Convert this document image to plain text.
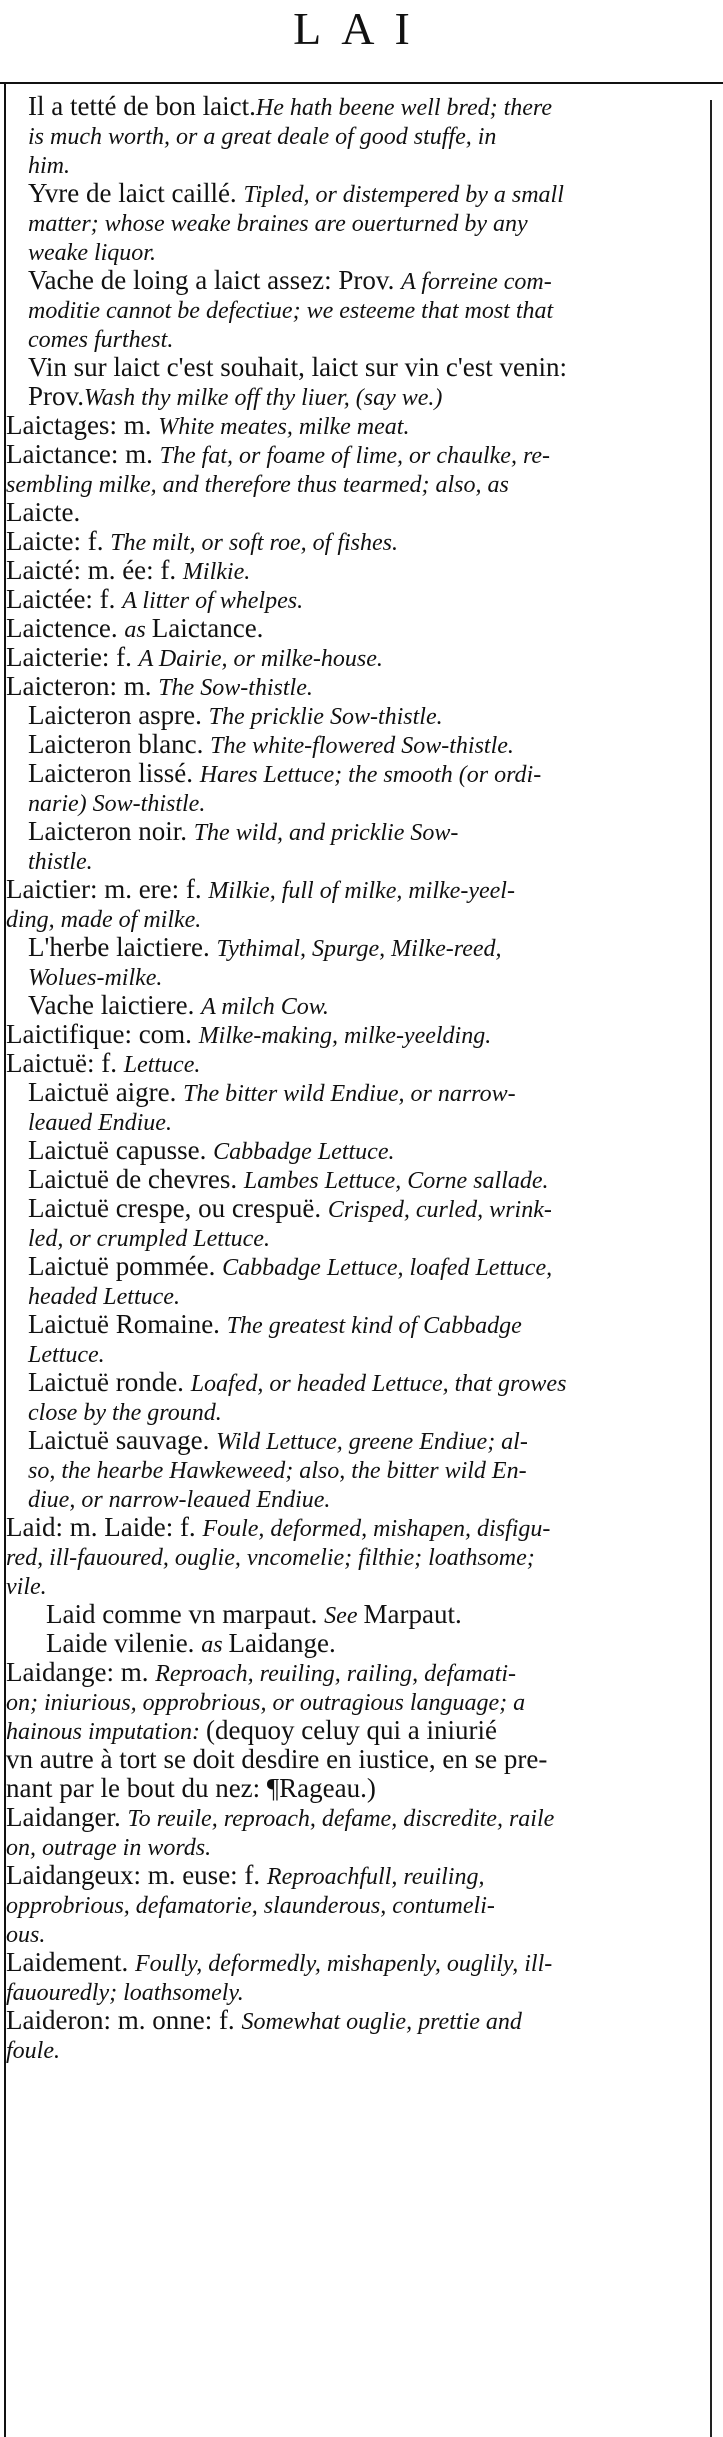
LAI
Il a tetté de bon laict.He hath beene well bred; there
is much worth, or a great deale of good stuffe, in
him.
Yvre de laict caillé. Tipled, or distempered by a small
matter; whose weake braines are ouerturned by any
weake liquor.
Vache de loing a laict assez: Prov. A forreine com-
moditie cannot be defectiue; we esteeme that most that
comes furthest.
Vin sur laict c'est souhait, laict sur vin c'est venin:
Prov.Wash thy milke off thy liuer, (say we.)
Laictages: m. White meates, milke meat.
Laictance: m. The fat, or foame of lime, or chaulke, re-
sembling milke, and therefore thus tearmed; also, as
Laicte.
Laicte: f. The milt, or soft roe, of fishes.
Laicté: m. ée: f. Milkie.
Laictée: f. A litter of whelpes.
Laictence. as Laictance.
Laicterie: f. A Dairie, or milke-house.
Laicteron: m. The Sow-thistle.
Laicteron aspre. The pricklie Sow-thistle.
Laicteron blanc. The white-flowered Sow-thistle.
Laicteron lissé. Hares Lettuce; the smooth (or ordi-
narie) Sow-thistle.
Laicteron noir. The wild, and pricklie Sow-
thistle.
Laictier: m. ere: f. Milkie, full of milke, milke-yeel-
ding, made of milke.
L'herbe laictiere. Tythimal, Spurge, Milke-reed,
Wolues-milke.
Vache laictiere. A milch Cow.
Laictifique: com. Milke-making, milke-yeelding.
Laictuë: f. Lettuce.
Laictuë aigre. The bitter wild Endiue, or narrow-
leaued Endiue.
Laictuë capusse. Cabbadge Lettuce.
Laictuë de chevres. Lambes Lettuce, Corne sallade.
Laictuë crespe, ou crespuë. Crisped, curled, wrink-
led, or crumpled Lettuce.
Laictuë pommée. Cabbadge Lettuce, loafed Lettuce,
headed Lettuce.
Laictuë Romaine. The greatest kind of Cabbadge
Lettuce.
Laictuë ronde. Loafed, or headed Lettuce, that growes
close by the ground.
Laictuë sauvage. Wild Lettuce, greene Endiue; al-
so, the hearbe Hawkeweed; also, the bitter wild En-
diue, or narrow-leaued Endiue.
Laid: m. Laide: f. Foule, deformed, mishapen, disfigu-
red, ill-fauoured, ouglie, vncomelie; filthie; loathsome;
vile.
Laid comme vn marpaut. See Marpaut.
Laide vilenie. as Laidange.
Laidange: m. Reproach, reuiling, railing, defamati-
on; iniurious, opprobrious, or outragious language; a
hainous imputation: (dequoy celuy qui a iniurié
vn autre à tort se doit desdire en iustice, en se pre-
nant par le bout du nez: ¶Rageau.)
Laidanger. To reuile, reproach, defame, discredite, raile
on, outrage in words.
Laidangeux: m. euse: f. Reproachfull, reuiling,
opprobrious, defamatorie, slaunderous, contumeli-
ous.
Laidement. Foully, deformedly, mishapenly, ouglily, ill-
fauouredly; loathsomely.
Laideron: m. onne: f. Somewhat ouglie, prettie and
foule.
